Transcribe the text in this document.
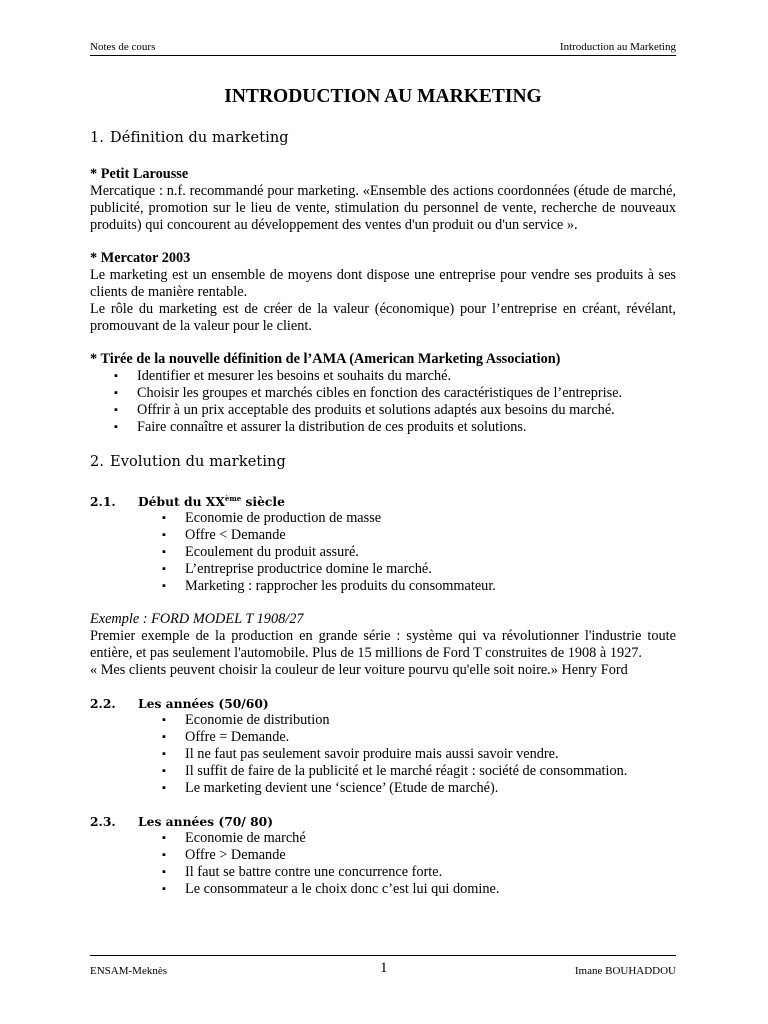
Notes de cours	Introduction au Marketing
INTRODUCTION AU MARKETING

1. Définition du marketing

* Petit Larousse

Mercatique : n.f. recommandé pour marketing. «Ensemble des actions coordonnées (étude de marché, publicité, promotion sur le lieu de vente, stimulation du personnel de vente, recherche de nouveaux produits) qui concourent au développement des ventes d'un produit ou d'un service ».

* Mercator 2003

Le marketing est un ensemble de moyens dont dispose une entreprise pour vendre ses produits à ses clients de manière rentable.

Le rôle du marketing est de créer de la valeur (économique) pour l’entreprise en créant, révélant, promouvant de la valeur pour le client.

* Tirée de la nouvelle définition de l’AMA (American Marketing Association)

▪ Identifier et mesurer les besoins et souhaits du marché.
▪ Choisir les groupes et marchés cibles en fonction des caractéristiques de l’entreprise.
▪ Offrir à un prix acceptable des produits et solutions adaptés aux besoins du marché.
▪ Faire connaître et assurer la distribution de ces produits et solutions.

2. Evolution du marketing

2.1. Début du XXème siècle

▪ Economie de production de masse
▪ Offre < Demande
▪ Ecoulement du produit assuré.
▪ L’entreprise productrice domine le marché.
▪ Marketing : rapprocher les produits du consommateur.

Exemple : FORD MODEL T 1908/27

Premier exemple de la production en grande série : système qui va révolutionner l'industrie toute entière, et pas seulement l'automobile. Plus de 15 millions de Ford T construites de 1908 à 1927.

« Mes clients peuvent choisir la couleur de leur voiture pourvu qu'elle soit noire.» Henry Ford

2.2. Les années (50/60)

▪ Economie de distribution
▪ Offre = Demande.
▪ Il ne faut pas seulement savoir produire mais aussi savoir vendre.
▪ Il suffit de faire de la publicité et le marché réagit : société de consommation.
▪ Le marketing devient une ‘science’ (Etude de marché).

2.3. Les années (70/ 80)

▪ Economie de marché
▪ Offre > Demande
▪ Il faut se battre contre une concurrence forte.
▪ Le consommateur a le choix donc c’est lui qui domine.
ENSAM-Meknès	1	Imane BOUHADDOU
